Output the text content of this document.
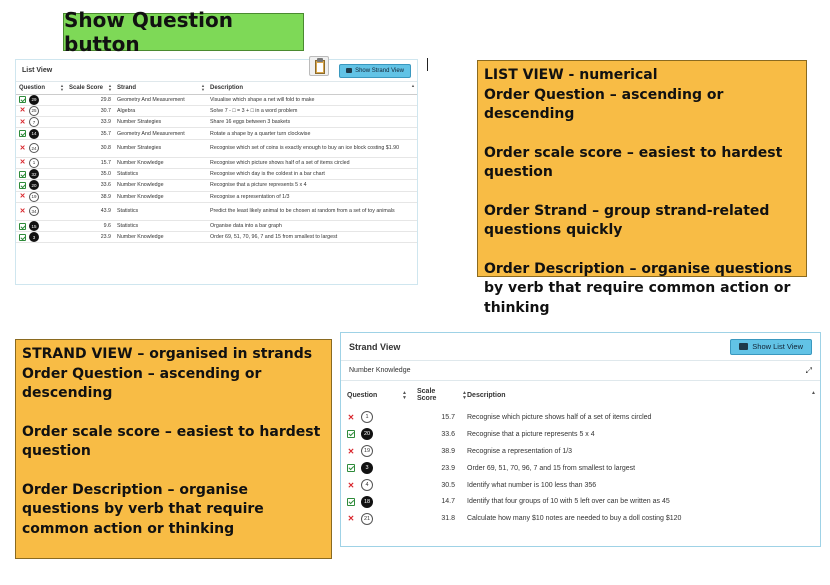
Show Question button
List View	Show Strand View
Question ▲
▼	Scale Score ▲
▼	Strand ▲
▼	Description ▲

29	29.8	Geometry And Measurement	Visualise which shape a net will fold to make

✕ 25	30.7	Algebra	Solve 7 - □ = 3 + □ in a word problem

✕ 7	33.9	Number Strategies	Share 16 eggs between 3 baskets

14	35.7	Geometry And Measurement	Rotate a shape by a quarter turn clockwise

✕ 24	30.8	Number Strategies	Recognise which set of coins is exactly enough to buy an ice block costing $1.90

✕ 1	15.7	Number Knowledge	Recognise which picture shows half of a set of items circled

32	35.0	Statistics	Recognise which day is the coldest in a bar chart

20	33.6	Number Knowledge	Recognise that a picture represents 5 x 4

✕ 19	38.9	Number Knowledge	Recognise a representation of 1/3

✕ 34	43.9	Statistics	Predict the least likely animal to be chosen at random from a set of toy animals

15	9.6	Statistics	Organise data into a bar graph

3	23.9	Number Knowledge	Order 69, 51, 70, 96, 7 and 15 from smallest to largest
LIST VIEW - numerical

Order Question – ascending or descending

Order scale score – easiest to hardest question

Order Strand – group strand-related questions quickly

Order Description – organise questions by verb that require common action or thinking

STRAND VIEW – organised in strands

Order Question – ascending or descending

Order scale score – easiest to hardest question

Order Description – organise questions by verb that require common action or thinking

Strand View	Show List View
Number Knowledge	⤢
Question ▲
▼	Scale Score
▲
▼	Description ▲

✕ 1	15.7	Recognise which picture shows half of a set of items circled

20	33.6	Recognise that a picture represents 5 x 4

✕ 19	38.9	Recognise a representation of 1/3

3	23.9	Order 69, 51, 70, 96, 7 and 15 from smallest to largest

✕ 4	30.5	Identify what number is 100 less than 356

18	14.7	Identify that four groups of 10 with 5 left over can be written as 45

✕ 21	31.8	Calculate how many $10 notes are needed to buy a doll costing $120
